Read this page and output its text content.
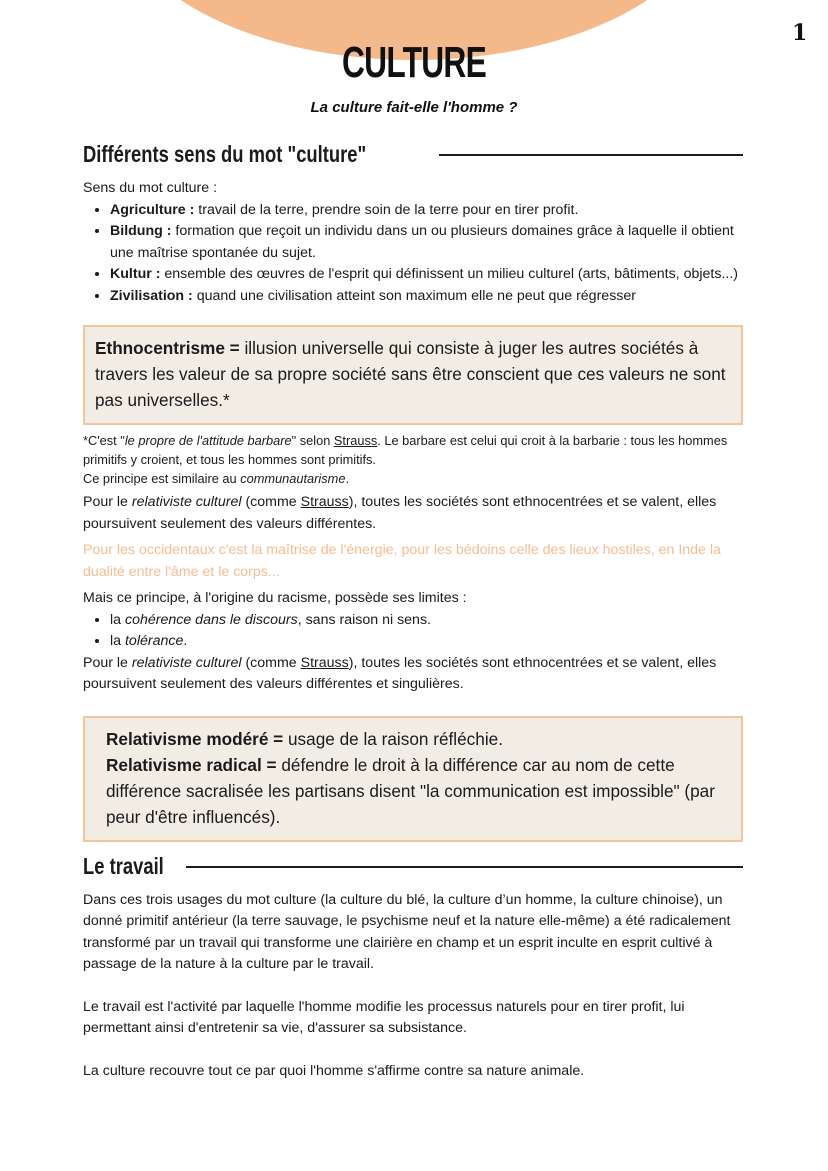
1
CULTURE
La culture fait-elle l'homme ?
Différents sens du mot "culture"

Sens du mot culture :

• Agriculture : travail de la terre, prendre soin de la terre pour en tirer profit.
• Bildung : formation que reçoit un individu dans un ou plusieurs domaines grâce à laquelle il obtient une maîtrise spontanée du sujet.
• Kultur : ensemble des œuvres de l'esprit qui définissent un milieu culturel (arts, bâtiments, objets...)
• Zivilisation : quand une civilisation atteint son maximum elle ne peut que régresser
Ethnocentrisme = illusion universelle qui consiste à juger les autres sociétés à travers les valeur de sa propre société sans être conscient que ces valeurs ne sont pas universelles.*

*C'est "le propre de l'attitude barbare" selon Strauss. Le barbare est celui qui croit à la barbarie : tous les hommes primitifs y croient, et tous les hommes sont primitifs.

Ce principe est similaire au communautarisme.

Pour le relativiste culturel (comme Strauss), toutes les sociétés sont ethnocentrées et se valent, elles poursuivent seulement des valeurs différentes.

Pour les occidentaux c'est la maîtrise de l'énergie, pour les bédoins celle des lieux hostiles, en Inde la dualité entre l'âme et le corps...

Mais ce principe, à l'origine du racisme, possède ses limites :

• la cohérence dans le discours, sans raison ni sens.
• la tolérance.

Pour le relativiste culturel (comme Strauss), toutes les sociétés sont ethnocentrées et se valent, elles poursuivent seulement des valeurs différentes et singulières.

Relativisme modéré = usage de la raison réfléchie.

Relativisme radical = défendre le droit à la différence car au nom de cette différence sacralisée les partisans disent "la communication est impossible" (par peur d'être influencés).

Le travail

Dans ces trois usages du mot culture (la culture du blé, la culture d’un homme, la culture chinoise), un donné primitif antérieur (la terre sauvage, le psychisme neuf et la nature elle-même) a été radicalement transformé par un travail qui transforme une clairière en champ et un esprit inculte en esprit cultivé à passage de la nature à la culture par le travail.

Le travail est l'activité par laquelle l'homme modifie les processus naturels pour en tirer profit, lui permettant ainsi d'entretenir sa vie, d'assurer sa subsistance.

La culture recouvre tout ce par quoi l'homme s'affirme contre sa nature animale.
